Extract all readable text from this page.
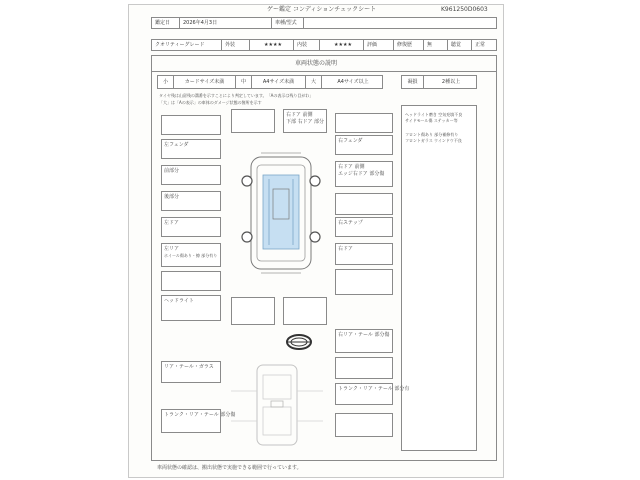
ゲー鑑定 コンディションチェックシート	K961250D0603
鑑定日	2026年4月3日	車種/型式
クオリティーグレード	外装	★★★★	内装	★★★★	評価	修復歴	無	聴覚	正常
車両状態の説明
小	カードサイズ未満	中	A4サイズ未満	大	A4サイズ以上	凝損	2種以上
タイヤ残は山留残の溝番を示すことにより判定しています。「Aの表示は残り目がわ」
「大」は「Aの表示」の車体のダメージ状態の箇所を示す
ヘッドライト磨き 空気充填不良
サイドモール傷 ステッカー等
フロント傷あり 部分補修有り
フロントガラス ウインドウ不良
左フェンダ
前部分
後部分
左ドア
左リア
ホイール傷あり・擦 部分有り
ヘッドライト
右ドア 前側
下部 右ドア 部分
右フェンダ
右ドア 前側
エッジ右ドア 部分傷
右ステップ
右ドア
右リア・テール 部分傷
トランク・リア・テール 部分有
リア・テール・ガラス
トランク・リア・テール 部分傷
車両状態の確認は、搬出状態で実施できる範囲で行っています。
